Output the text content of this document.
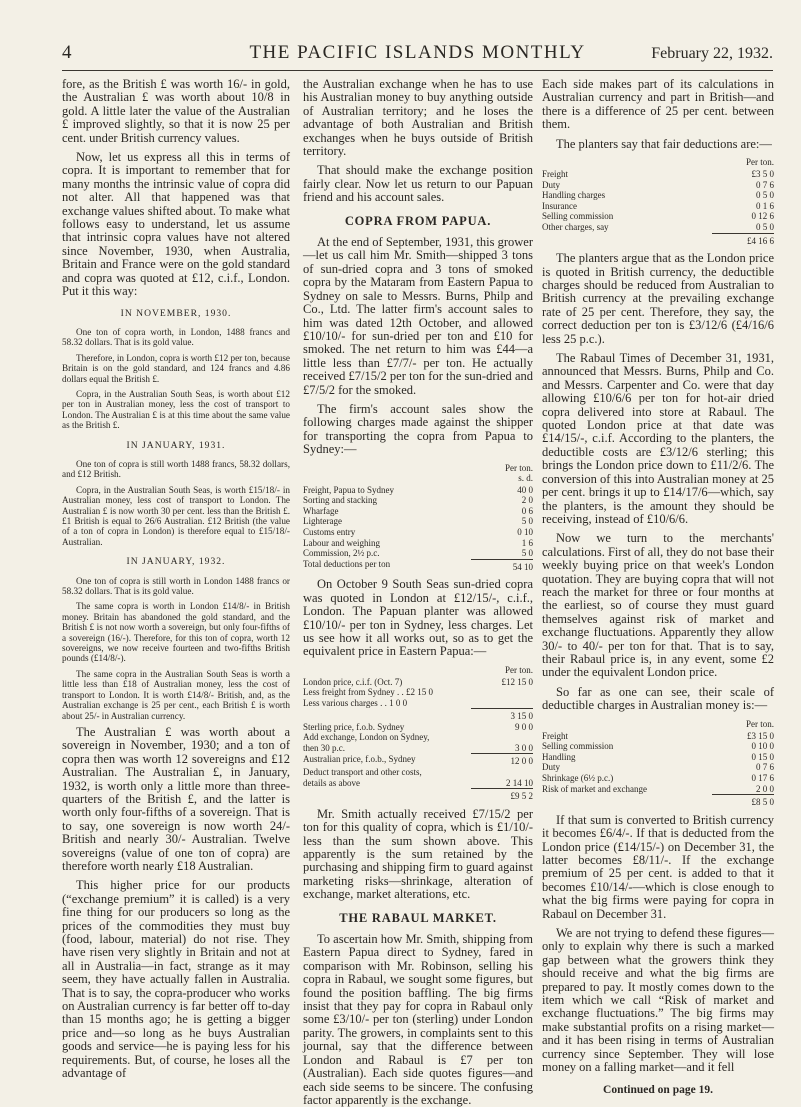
4	THE PACIFIC ISLANDS MONTHLY	February 22, 1932.

fore, as the British £ was worth 16/- in gold, the Australian £ was worth about 10/8 in gold. A little later the value of the Australian £ improved slightly, so that it is now 25 per cent. under British currency values.

Now, let us express all this in terms of copra. It is important to remember that for many months the intrinsic value of copra did not alter. All that happened was that exchange values shifted about. To make what follows easy to understand, let us assume that intrinsic copra values have not altered since November, 1930, when Australia, Britain and France were on the gold standard and copra was quoted at £12, c.i.f., London. Put it this way:

IN NOVEMBER, 1930.

One ton of copra worth, in London, 1488 francs and 58.32 dollars. That is its gold value.

Therefore, in London, copra is worth £12 per ton, because Britain is on the gold standard, and 124 francs and 4.86 dollars equal the British £.

Copra, in the Australian South Seas, is worth about £12 per ton in Australian money, less the cost of transport to London. The Australian £ is at this time about the same value as the British £.

IN JANUARY, 1931.

One ton of copra is still worth 1488 francs, 58.32 dollars, and £12 British.

Copra, in the Australian South Seas, is worth £15/18/- in Australian money, less cost of transport to London. The Australian £ is now worth 30 per cent. less than the British £. £1 British is equal to 26/6 Australian. £12 British (the value of a ton of copra in London) is therefore equal to £15/18/- Australian.

IN JANUARY, 1932.

One ton of copra is still worth in London 1488 francs or 58.32 dollars. That is its gold value.

The same copra is worth in London £14/8/- in British money. Britain has abandoned the gold standard, and the British £ is not now worth a sovereign, but only four-fifths of a sovereign (16/-). Therefore, for this ton of copra, worth 12 sovereigns, we now receive fourteen and two-fifths British pounds (£14/8/-).

The same copra in the Australian South Seas is worth a little less than £18 of Australian money, less the cost of transport to London. It is worth £14/8/- British, and, as the Australian exchange is 25 per cent., each British £ is worth about 25/- in Australian currency.

The Australian £ was worth about a sovereign in November, 1930; and a ton of copra then was worth 12 sovereigns and £12 Australian. The Australian £, in January, 1932, is worth only a little more than three-quarters of the British £, and the latter is worth only four-fifths of a sovereign. That is to say, one sovereign is now worth 24/- British and nearly 30/- Australian. Twelve sovereigns (value of one ton of copra) are therefore worth nearly £18 Australian.

This higher price for our products (“exchange premium” it is called) is a very fine thing for our producers so long as the prices of the commodities they must buy (food, labour, material) do not rise. They have risen very slightly in Britain and not at all in Australia—in fact, strange as it may seem, they have actually fallen in Australia. That is to say, the copra-producer who works on Australian currency is far better off to-day than 15 months ago; he is getting a bigger price and—so long as he buys Australian goods and service—he is paying less for his requirements. But, of course, he loses all the advantage of

the Australian exchange when he has to use his Australian money to buy anything outside of Australian territory; and he loses the advantage of both Australian and British exchanges when he buys outside of British territory.

That should make the exchange position fairly clear. Now let us return to our Papuan friend and his account sales.

COPRA FROM PAPUA.

At the end of September, 1931, this grower—let us call him Mr. Smith—shipped 3 tons of sun-dried copra and 3 tons of smoked copra by the Mataram from Eastern Papua to Sydney on sale to Messrs. Burns, Philp and Co., Ltd. The latter firm's account sales to him was dated 12th October, and allowed £10/10/- for sun-dried per ton and £10 for smoked. The net return to him was £44—a little less than £7/7/- per ton. He actually received £7/15/2 per ton for the sun-dried and £7/5/2 for the smoked.

The firm's account sales show the following charges made against the shipper for transporting the copra from Papua to Sydney:—

Per ton.
s. d.
Freight, Papua to Sydney	40 0
Sorting and stacking	2 0
Wharfage	0 6
Lighterage	5 0
Customs entry	0 10
Labour and weighing	1 6
Commission, 2½ p.c.	5 0
Total deductions per ton	54 10

On October 9 South Seas sun-dried copra was quoted in London at £12/15/-, c.i.f., London. The Papuan planter was allowed £10/10/- per ton in Sydney, less charges. Let us see how it all works out, so as to get the equivalent price in Eastern Papua:—

Per ton.
London price, c.i.f. (Oct. 7)	£12 15 0
Less freight from Sydney . . £2 15 0	
Less various charges . . 1 0 0	
	3 15 0
Sterling price, f.o.b. Sydney	9 0 0
Add exchange, London on Sydney,	
then 30 p.c.	3 0 0
Australian price, f.o.b., Sydney	12 0 0
Deduct transport and other costs,	
details as above	2 14 10
	£9 5 2

Mr. Smith actually received £7/15/2 per ton for this quality of copra, which is £1/10/- less than the sum shown above. This apparently is the sum retained by the purchasing and shipping firm to guard against marketing risks—shrinkage, alteration of exchange, market alterations, etc.

THE RABAUL MARKET.

To ascertain how Mr. Smith, shipping from Eastern Papua direct to Sydney, fared in comparison with Mr. Robinson, selling his copra in Rabaul, we sought some figures, but found the position baffling. The big firms insist that they pay for copra in Rabaul only some £3/10/- per ton (sterling) under London parity. The growers, in complaints sent to this journal, say that the difference between London and Rabaul is £7 per ton (Australian). Each side quotes figures—and each side seems to be sincere. The confusing factor apparently is the exchange.

Each side makes part of its calculations in Australian currency and part in British—and there is a difference of 25 per cent. between them.

The planters say that fair deductions are:—

Per ton.
Freight	£3 5 0
Duty	0 7 6
Handling charges	0 5 0
Insurance	0 1 6
Selling commission	0 12 6
Other charges, say	0 5 0
	£4 16 6

The planters argue that as the London price is quoted in British currency, the deductible charges should be reduced from Australian to British currency at the prevailing exchange rate of 25 per cent. Therefore, they say, the correct deduction per ton is £3/12/6 (£4/16/6 less 25 p.c.).

The Rabaul Times of December 31, 1931, announced that Messrs. Burns, Philp and Co. and Messrs. Carpenter and Co. were that day allowing £10/6/6 per ton for hot-air dried copra delivered into store at Rabaul. The quoted London price at that date was £14/15/-, c.i.f. According to the planters, the deductible costs are £3/12/6 sterling; this brings the London price down to £11/2/6. The conversion of this into Australian money at 25 per cent. brings it up to £14/17/6—which, say the planters, is the amount they should be receiving, instead of £10/6/6.

Now we turn to the merchants' calculations. First of all, they do not base their weekly buying price on that week's London quotation. They are buying copra that will not reach the market for three or four months at the earliest, so of course they must guard themselves against risk of market and exchange fluctuations. Apparently they allow 30/- to 40/- per ton for that. That is to say, their Rabaul price is, in any event, some £2 under the equivalent London price.

So far as one can see, their scale of deductible charges in Australian money is:—

Per ton.
Freight	£3 15 0
Selling commission	0 10 0
Handling	0 15 0
Duty	0 7 6
Shrinkage (6½ p.c.)	0 17 6
Risk of market and exchange	2 0 0
	£8 5 0

If that sum is converted to British currency it becomes £6/4/-. If that is deducted from the London price (£14/15/-) on December 31, the latter becomes £8/11/-. If the exchange premium of 25 per cent. is added to that it becomes £10/14/-—which is close enough to what the big firms were paying for copra in Rabaul on December 31.

We are not trying to defend these figures—only to explain why there is such a marked gap between what the growers think they should receive and what the big firms are prepared to pay. It mostly comes down to the item which we call “Risk of market and exchange fluctuations.” The big firms may make substantial profits on a rising market—and it has been rising in terms of Australian currency since September. They will lose money on a falling market—and it fell

Continued on page 19.
